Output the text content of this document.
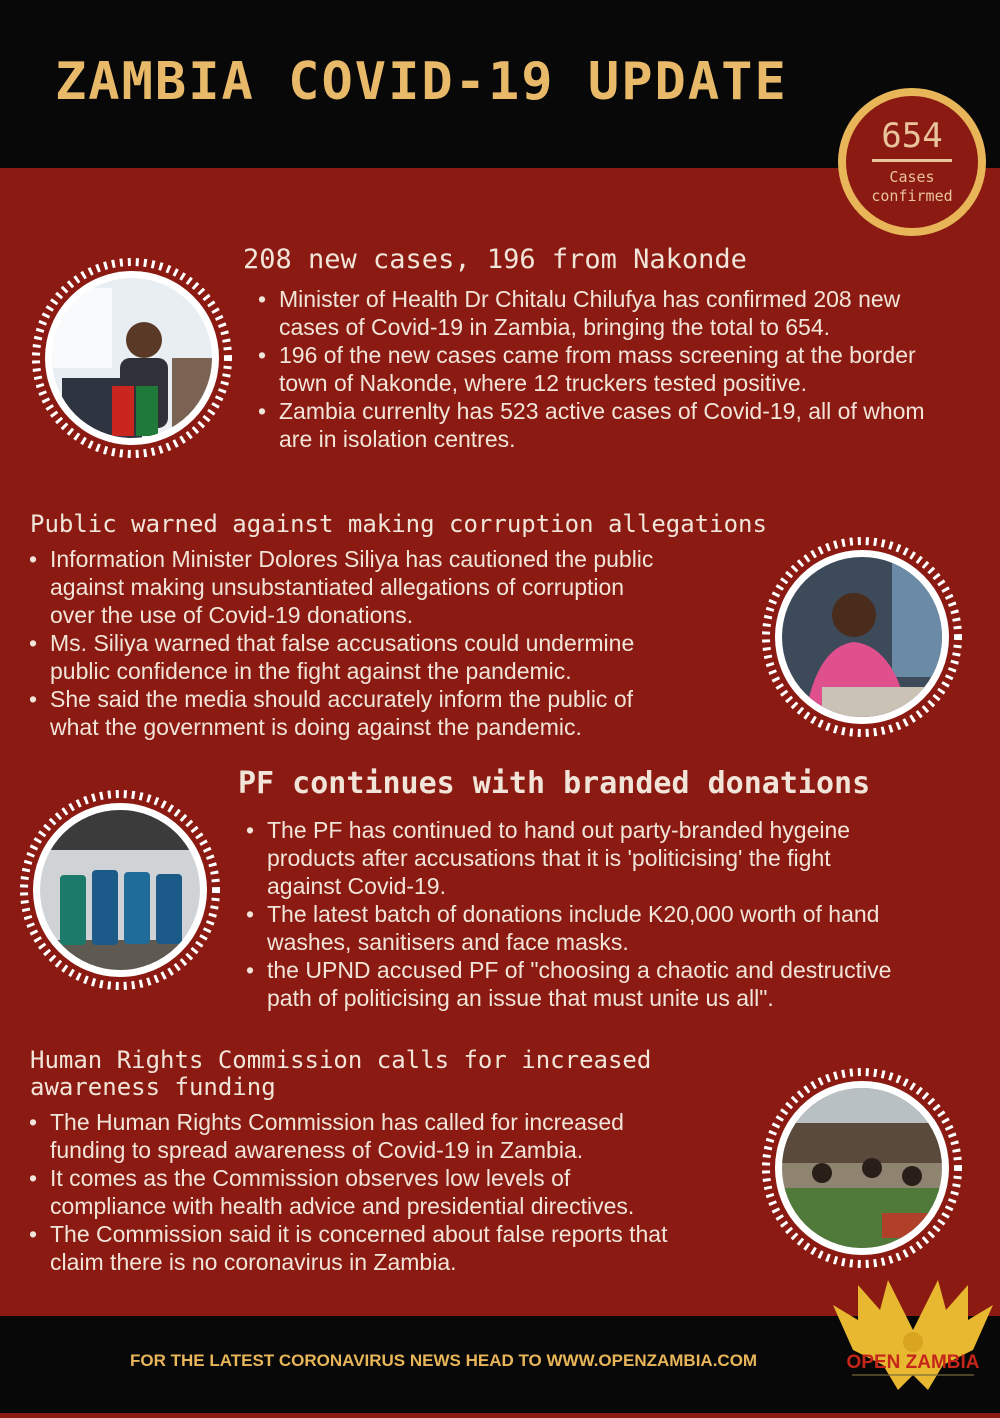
ZAMBIA COVID-19 UPDATE
654
Cases
confirmed
208 new cases, 196 from Nakonde
• Minister of Health Dr Chitalu Chilufya has confirmed 208 new
cases of Covid-19 in Zambia, bringing the total to 654.
• 196 of the new cases came from mass screening at the border
town of Nakonde, where 12 truckers tested positive.
• Zambia currenlty has 523 active cases of Covid-19, all of whom
are in isolation centres.
Public warned against making corruption allegations
• Information Minister Dolores Siliya has cautioned the public
against making unsubstantiated allegations of corruption
over the use of Covid-19 donations.
• Ms. Siliya warned that false accusations could undermine
public confidence in the fight against the pandemic.
• She said the media should accurately inform the public of
what the government is doing against the pandemic.
PF continues with branded donations
• The PF has continued to hand out party-branded hygeine
products after accusations that it is 'politicising' the fight
against Covid-19.
• The latest batch of donations include K20,000 worth of hand
washes, sanitisers and face masks.
• the UPND accused PF of "choosing a chaotic and destructive
path of politicising an issue that must unite us all".
Human Rights Commission calls for increased
awareness funding
• The Human Rights Commission has called for increased
funding to spread awareness of Covid-19 in Zambia.
• It comes as the Commission observes low levels of
compliance with health advice and presidential directives.
• The Commission said it is concerned about false reports that
claim there is no coronavirus in Zambia.
FOR THE LATEST CORONAVIRUS NEWS HEAD TO WWW.OPENZAMBIA.COM	OPEN ZAMBIA
